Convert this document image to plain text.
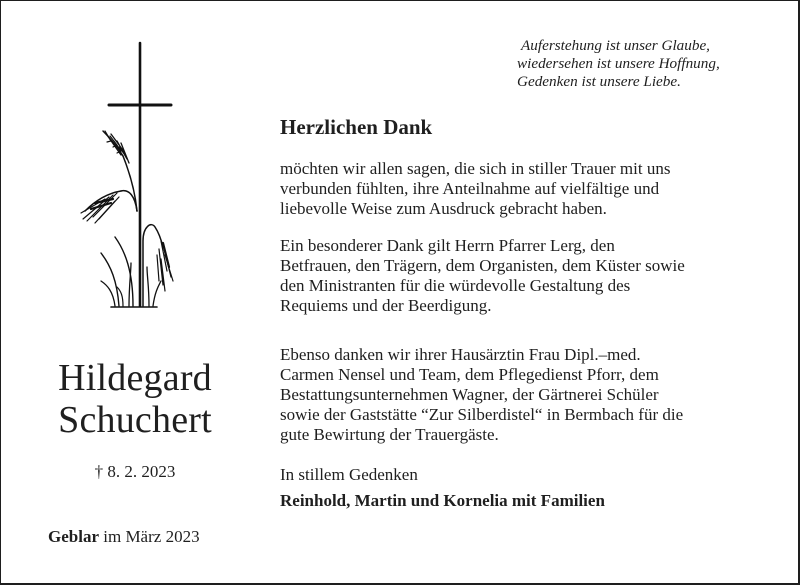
Auferstehung ist unser Glaube,
wiedersehen ist unsere Hoffnung,
Gedenken ist unsere Liebe.
Hildegard
Schuchert
† 8. 2. 2023
Geblar im März 2023
Herzlichen Dank
möchten wir allen sagen, die sich in stiller Trauer mit uns
verbunden fühlten, ihre Anteilnahme auf vielfältige und
liebevolle Weise zum Ausdruck gebracht haben.
Ein besonderer Dank gilt Herrn Pfarrer Lerg, den
Betfrauen, den Trägern, dem Organisten, dem Küster sowie
den Ministranten für die würdevolle Gestaltung des
Requiems und der Beerdigung.
Ebenso danken wir ihrer Hausärztin Frau Dipl.–med.
Carmen Nensel und Team, dem Pflegedienst Pforr, dem
Bestattungsunternehmen Wagner, der Gärtnerei Schüler
sowie der Gaststätte “Zur Silberdistel“ in Bermbach für die
gute Bewirtung der Trauergäste.
In stillem Gedenken
Reinhold, Martin und Kornelia mit Familien
